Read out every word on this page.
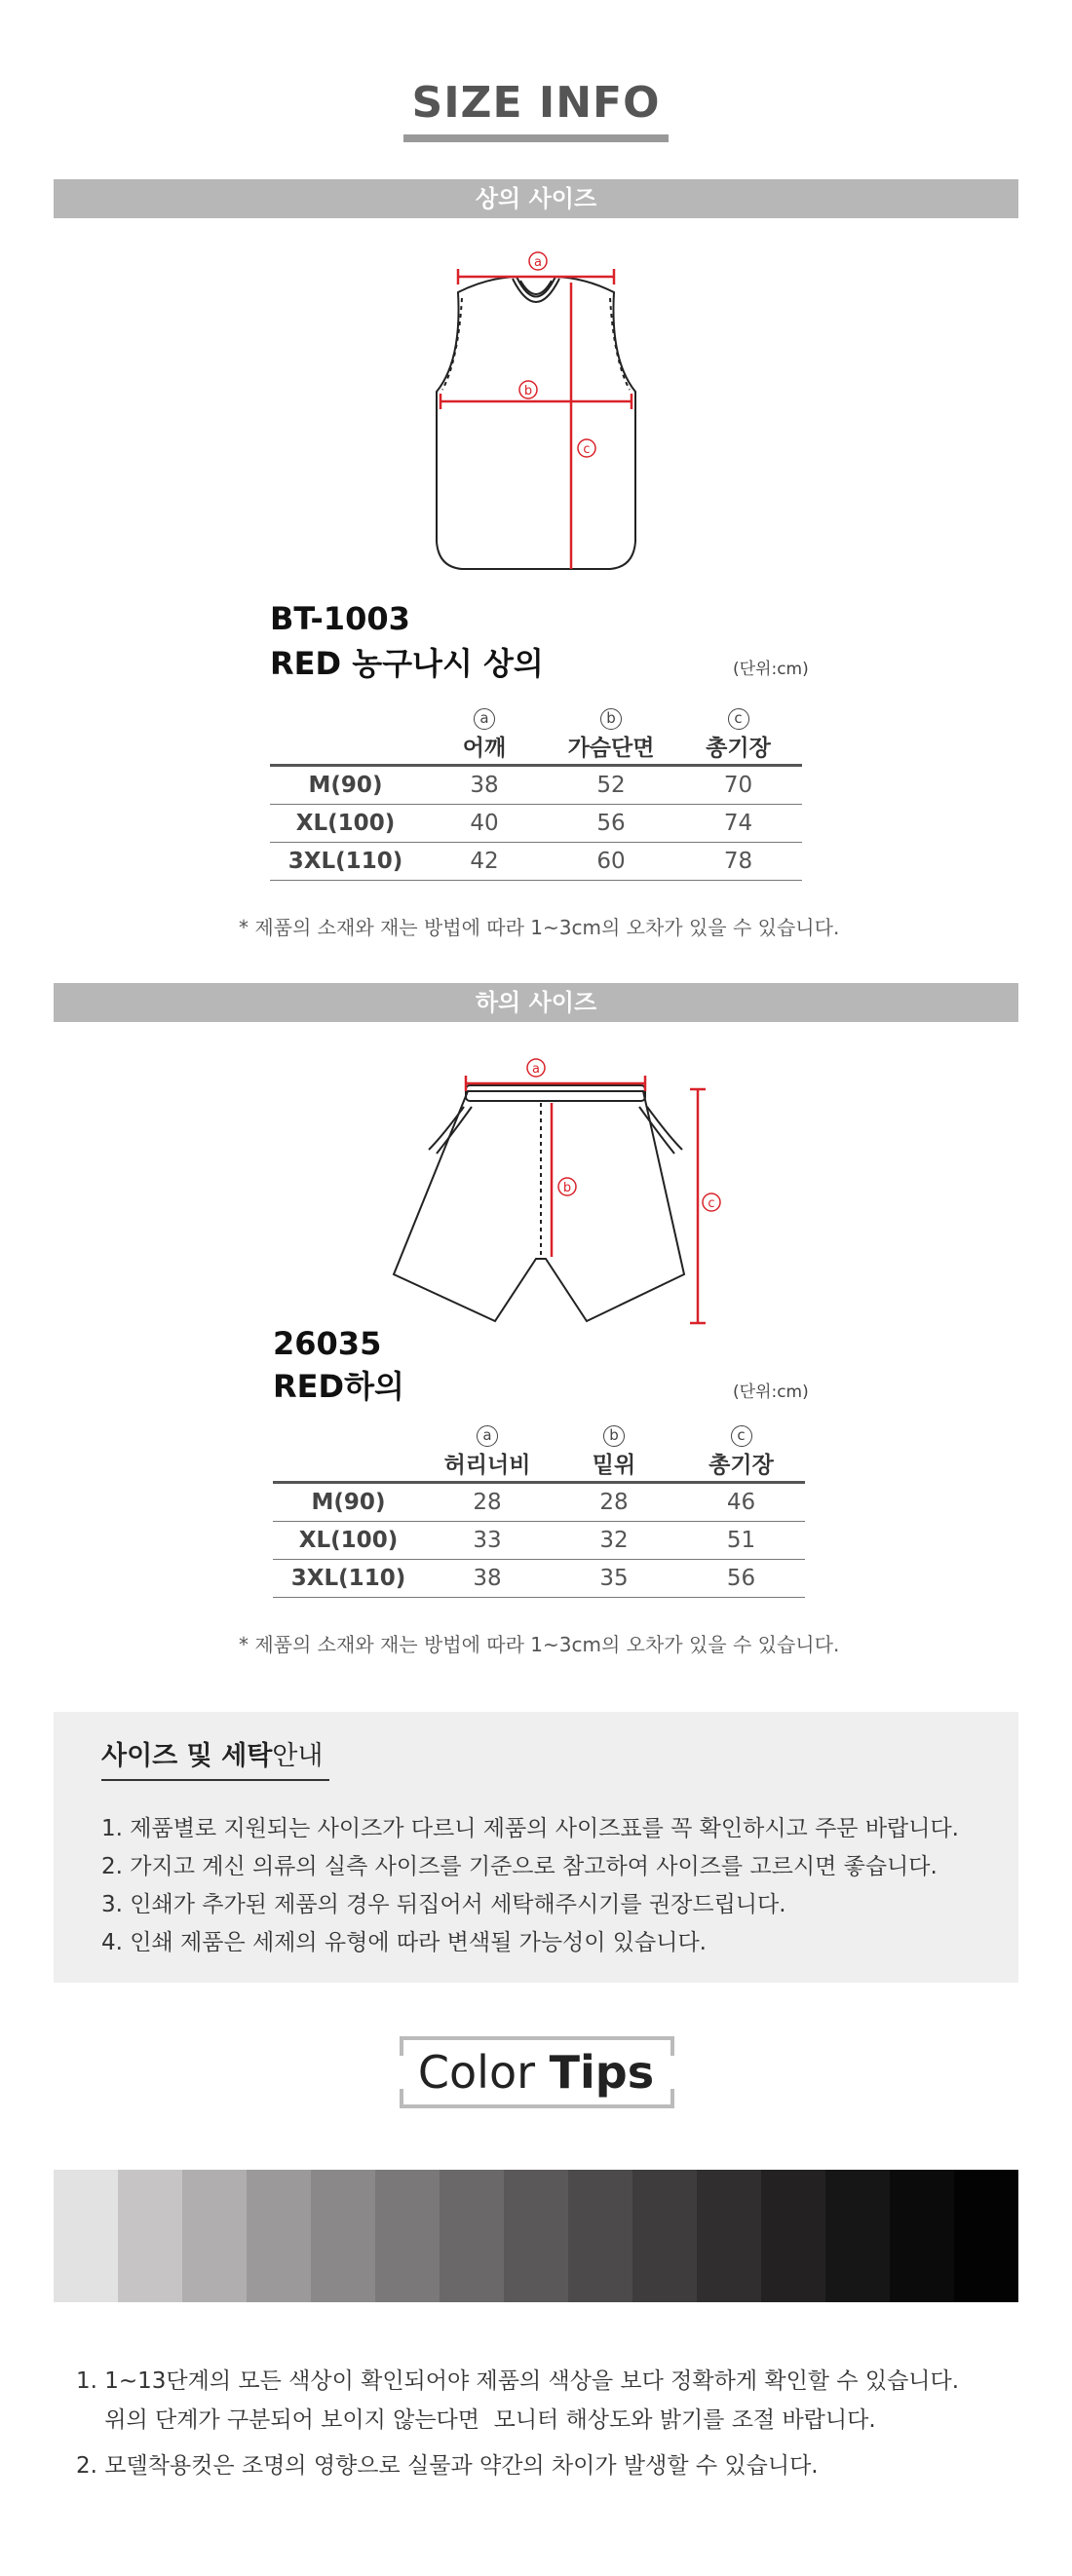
SIZE INFO
상의 사이즈
a
b
c
BT-1003
RED 농구나시 상의	(단위:cm)
	a	b	c
	어깨	가슴단면	총기장
M(90)	38	52	70
XL(100)	40	56	74
3XL(110)	42	60	78
* 제품의 소재와 재는 방법에 따라 1~3cm의 오차가 있을 수 있습니다.
하의 사이즈
a
b
c
26035
RED하의	(단위:cm)
	a	b	c
	허리너비	밑위	총기장
M(90)	28	28	46
XL(100)	33	32	51
3XL(110)	38	35	56
* 제품의 소재와 재는 방법에 따라 1~3cm의 오차가 있을 수 있습니다.
사이즈 및 세탁안내
1. 제품별로 지원되는 사이즈가 다르니 제품의 사이즈표를 꼭 확인하시고 주문 바랍니다.
2. 가지고 계신 의류의 실측 사이즈를 기준으로 참고하여 사이즈를 고르시면 좋습니다.
3. 인쇄가 추가된 제품의 경우 뒤집어서 세탁해주시기를 권장드립니다.
4. 인쇄 제품은 세제의 유형에 따라 변색될 가능성이 있습니다.
Color Tips
1. 1~13단계의 모든 색상이 확인되어야 제품의 색상을 보다 정확하게 확인할 수 있습니다.
위의 단계가 구분되어 보이지 않는다면  모니터 해상도와 밝기를 조절 바랍니다.
2. 모델착용컷은 조명의 영향으로 실물과 약간의 차이가 발생할 수 있습니다.
